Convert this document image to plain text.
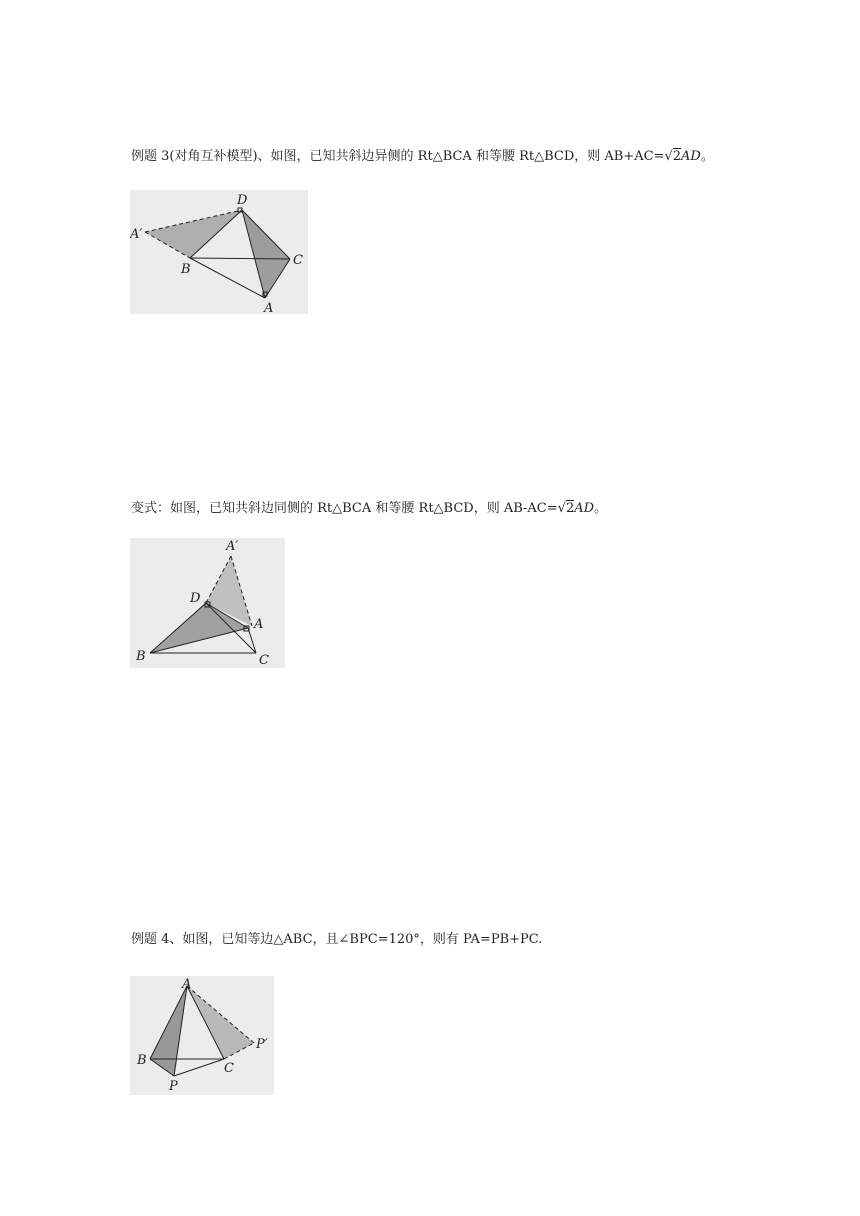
例题 3(对角互补模型)、如图，已知共斜边异侧的 Rt△BCA 和等腰 Rt△BCD，则 AB+AC=√2AD。
A′
D
B
C
A
变式：如图，已知共斜边同侧的 Rt△BCA 和等腰 Rt△BCD，则 AB-AC=√2AD。
A′
D
A
B	C
例题 4、如图，已知等边△ABC，且∠BPC=120°，则有 PA=PB+PC.
A
B
C
P
P′
